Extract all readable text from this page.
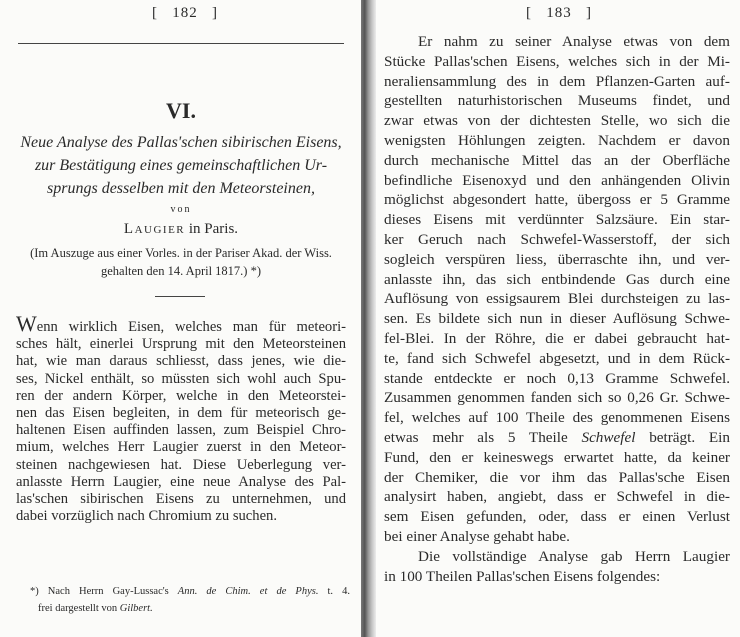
[   182   ]
VI.
Neue Analyse des Pallas'schen sibirischen Eisens,
zur Bestätigung eines gemeinschaftlichen Ur-
sprungs desselben mit den Meteorsteinen,
von
Laugier in Paris.
(Im Auszuge aus einer Vorles. in der Pariser Akad. der Wiss.
gehalten den 14. April 1817.) *)
Wenn wirklich Eisen, welches man für meteori-
sches hält, einerlei Ursprung mit den Meteorsteinen
hat, wie man daraus schliesst, dass jenes, wie die-
ses, Nickel enthält, so müssten sich wohl auch Spu-
ren der andern Körper, welche in den Meteorstei-
nen das Eisen begleiten, in dem für meteorisch ge-
haltenen Eisen auffinden lassen, zum Beispiel Chro-
mium, welches Herr Laugier zuerst in den Meteor-
steinen nachgewiesen hat. Diese Ueberlegung ver-
anlasste Herrn Laugier, eine neue Analyse des Pal-
las'schen sibirischen Eisens zu unternehmen, und
dabei vorzüglich nach Chromium zu suchen.
*) Nach Herrn Gay-Lussac's Ann. de Chim. et de Phys. t. 4.
frei dargestellt von Gilbert.
[   183   ]
Er nahm zu seiner Analyse etwas von dem
Stücke Pallas'schen Eisens, welches sich in der Mi-
neraliensammlung des in dem Pflanzen-Garten auf-
gestellten naturhistorischen Museums findet, und
zwar etwas von der dichtesten Stelle, wo sich die
wenigsten Höhlungen zeigten. Nachdem er davon
durch mechanische Mittel das an der Oberfläche
befindliche Eisenoxyd und den anhängenden Olivin
möglichst abgesondert hatte, übergoss er 5 Gramme
dieses Eisens mit verdünnter Salzsäure. Ein star-
ker Geruch nach Schwefel-Wasserstoff, der sich
sogleich verspüren liess, überraschte ihn, und ver-
anlasste ihn, das sich entbindende Gas durch eine
Auflösung von essigsaurem Blei durchsteigen zu las-
sen. Es bildete sich nun in dieser Auflösung Schwe-
fel-Blei. In der Röhre, die er dabei gebraucht hat-
te, fand sich Schwefel abgesetzt, und in dem Rück-
stande entdeckte er noch 0,13 Gramme Schwefel.
Zusammen genommen fanden sich so 0,26 Gr. Schwe-
fel, welches auf 100 Theile des genommenen Eisens
etwas mehr als 5 Theile Schwefel beträgt. Ein
Fund, den er keineswegs erwartet hatte, da keiner
der Chemiker, die vor ihm das Pallas'sche Eisen
analysirt haben, angiebt, dass er Schwefel in die-
sem Eisen gefunden, oder, dass er einen Verlust
bei einer Analyse gehabt habe.
Die vollständige Analyse gab Herrn Laugier
in 100 Theilen Pallas'schen Eisens folgendes:
